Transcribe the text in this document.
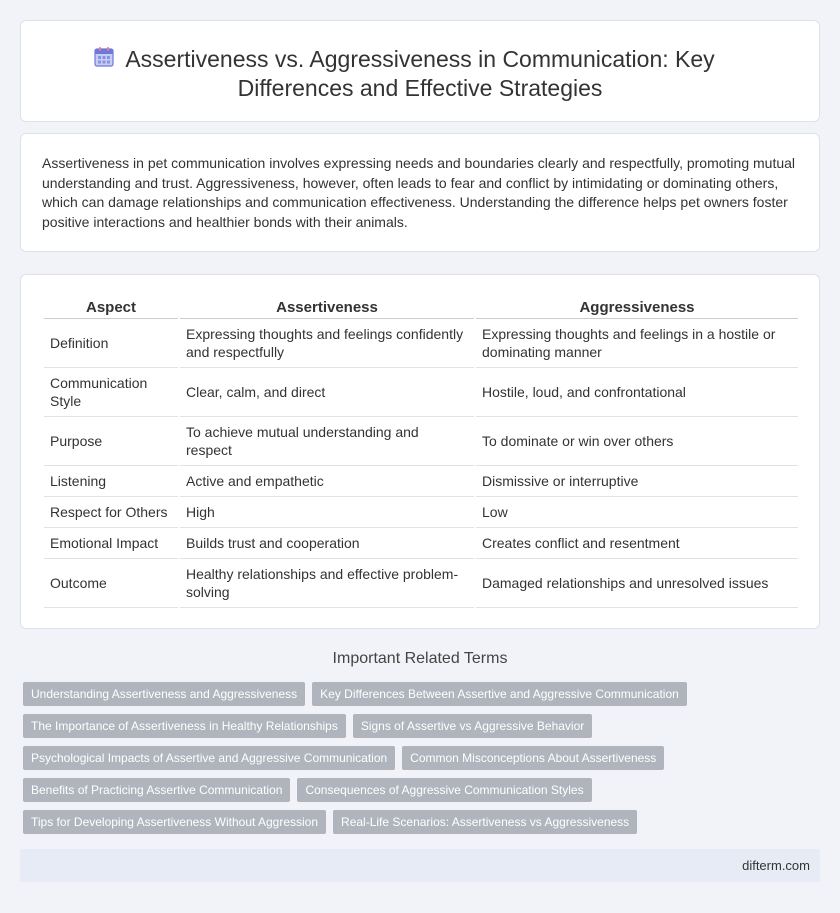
Assertiveness vs. Aggressiveness in Communication: Key Differences and Effective Strategies

Assertiveness in pet communication involves expressing needs and boundaries clearly and respectfully, promoting mutual understanding and trust. Aggressiveness, however, often leads to fear and conflict by intimidating or dominating others, which can damage relationships and communication effectiveness. Understanding the difference helps pet owners foster positive interactions and healthier bonds with their animals.

Aspect	Assertiveness	Aggressiveness
Definition	Expressing thoughts and feelings confidently and respectfully	Expressing thoughts and feelings in a hostile or dominating manner
Communication Style	Clear, calm, and direct	Hostile, loud, and confrontational
Purpose	To achieve mutual understanding and respect	To dominate or win over others
Listening	Active and empathetic	Dismissive or interruptive
Respect for Others	High	Low
Emotional Impact	Builds trust and cooperation	Creates conflict and resentment
Outcome	Healthy relationships and effective problem-solving	Damaged relationships and unresolved issues
Important Related Terms
Understanding Assertiveness and Aggressiveness	Key Differences Between Assertive and Aggressive Communication
The Importance of Assertiveness in Healthy Relationships	Signs of Assertive vs Aggressive Behavior
Psychological Impacts of Assertive and Aggressive Communication	Common Misconceptions About Assertiveness
Benefits of Practicing Assertive Communication	Consequences of Aggressive Communication Styles
Tips for Developing Assertiveness Without Aggression	Real-Life Scenarios: Assertiveness vs Aggressiveness
difterm.com
